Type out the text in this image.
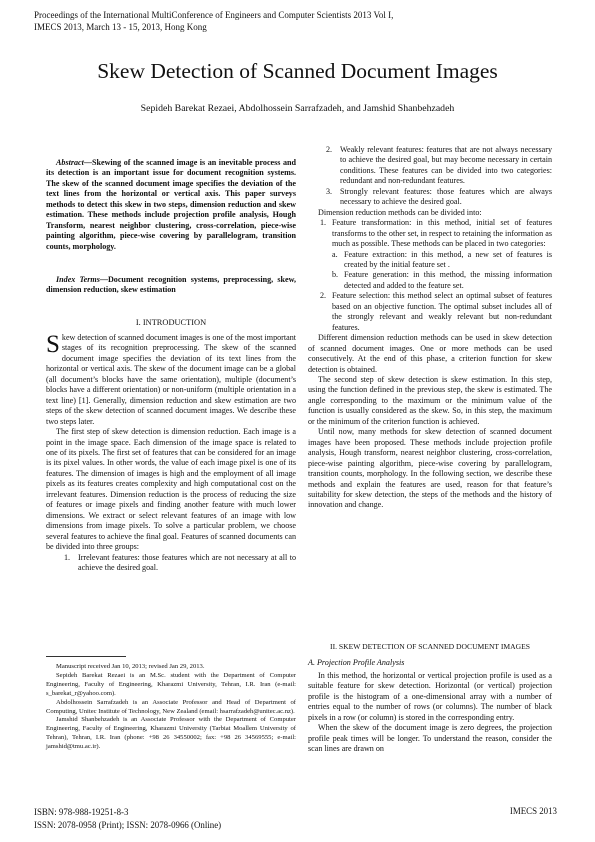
Proceedings of the International MultiConference of Engineers and Computer Scientists 2013 Vol I,
IMECS 2013, March 13 - 15, 2013, Hong Kong
Skew Detection of Scanned Document Images
Sepideh Barekat Rezaei, Abdolhossein Sarrafzadeh, and Jamshid Shanbehzadeh
Abstract—Skewing of the scanned image is an inevitable process and its detection is an important issue for document recognition systems. The skew of the scanned document image specifies the deviation of the text lines from the horizontal or vertical axis. This paper surveys methods to detect this skew in two steps, dimension reduction and skew estimation. These methods include projection profile analysis, Hough Transform, nearest neighbor clustering, cross-correlation, piece-wise painting algorithm, piece-wise covering by parallelogram, transition counts, morphology.
Index Terms—Document recognition systems, preprocessing, skew, dimension reduction, skew estimation
I. INTRODUCTION

Skew detection of scanned document images is one of the most important stages of its recognition preprocessing. The skew of the scanned document image specifies the deviation of its text lines from the horizontal or vertical axis. The skew of the document image can be a global (all document’s blocks have the same orientation), multiple (document’s blocks have a different orientation) or non-uniform (multiple orientation in a text line) [1]. Generally, dimension reduction and skew estimation are two steps of the skew detection of scanned document images. We describe these two steps later.

The first step of skew detection is dimension reduction. Each image is a point in the image space. Each dimension of the image space is related to one of its pixels. The first set of features that can be considered for an image is its pixel values. In other words, the value of each image pixel is one of its features. The dimension of images is high and the employment of all image pixels as its features creates complexity and high computational cost on the irrelevant features. Dimension reduction is the process of reducing the size of features or image pixels and finding another feature with much lower dimensions. We extract or select relevant features of an image with low dimensions from image pixels. To solve a particular problem, we choose several features to achieve the final goal. Features of scanned documents can be divided into three groups:

1. Irrelevant features: those features which are not necessary at all to achieve the desired goal.

Manuscript received Jan 10, 2013; revised Jan 29, 2013.

Sepideh Barekat Rezaei is an M.Sc. student with the Department of Computer Engineering, Faculty of Engineering, Kharazmi University, Tehran, I.R. Iran (e-mail: s_barekat_r@yahoo.com).

Abdolhossein Sarrafzadeh is an Associate Professor and Head of Department of Computing, Unitec Institute of Technology, New Zealand (email: hsarrafzadeh@unitec.ac.nz).

Jamshid Shanbehzadeh is an Associate Professor with the Department of Computer Engineering, Faculty of Engineering, Kharazmi University (Tarbiat Moallem University of Tehran), Tehran, I.R. Iran (phone: +98 26 34550002; fax: +98 26 34569555; e-mail: jamshid@tmu.ac.ir).

2. Weakly relevant features: features that are not always necessary to achieve the desired goal, but may become necessary in certain conditions. These features can be divided into two categories: redundant and non-redundant features.
3. Strongly relevant features: those features which are always necessary to achieve the desired goal.

Dimension reduction methods can be divided into:

1. Feature transformation: in this method, initial set of features transforms to the other set, in respect to retaining the information as much as possible. These methods can be placed in two categories:
a. Feature extraction: in this method, a new set of features is created by the initial feature set .
b. Feature generation: in this method, the missing information detected and added to the feature set.
2. Feature selection: this method select an optimal subset of features based on an objective function. The optimal subset includes all of the strongly relevant and weakly relevant but non-redundant features.

Different dimension reduction methods can be used in skew detection of scanned document images. One or more methods can be used consecutively. At the end of this phase, a criterion function for skew detection is obtained.

The second step of skew detection is skew estimation. In this step, using the function defined in the previous step, the skew is estimated. The angle corresponding to the maximum or the minimum value of the function is usually considered as the skew. So, in this step, the maximum or the minimum of the criterion function is achieved.

Until now, many methods for skew detection of scanned document images have been proposed. These methods include projection profile analysis, Hough transform, nearest neighbor clustering, cross-correlation, piece-wise painting algorithm, piece-wise covering by parallelogram, transition counts, morphology. In the following section, we describe these methods and explain the features are used, reason for that feature’s suitability for skew detection, the steps of the methods and the history of innovation and change.

II. SKEW DETECTION OF SCANNED DOCUMENT IMAGES
A. Projection Profile Analysis

In this method, the horizontal or vertical projection profile is used as a suitable feature for skew detection. Horizontal (or vertical) projection profile is the histogram of a one-dimensional array with a number of entries equal to the number of rows (or columns). The number of black pixels in a row (or column) is stored in the corresponding entry.

When the skew of the document image is zero degrees, the projection profile peak times will be longer. To understand the reason, consider the scan lines are drawn on

ISBN: 978-988-19251-8-3
ISSN: 2078-0958 (Print); ISSN: 2078-0966 (Online)
IMECS 2013
